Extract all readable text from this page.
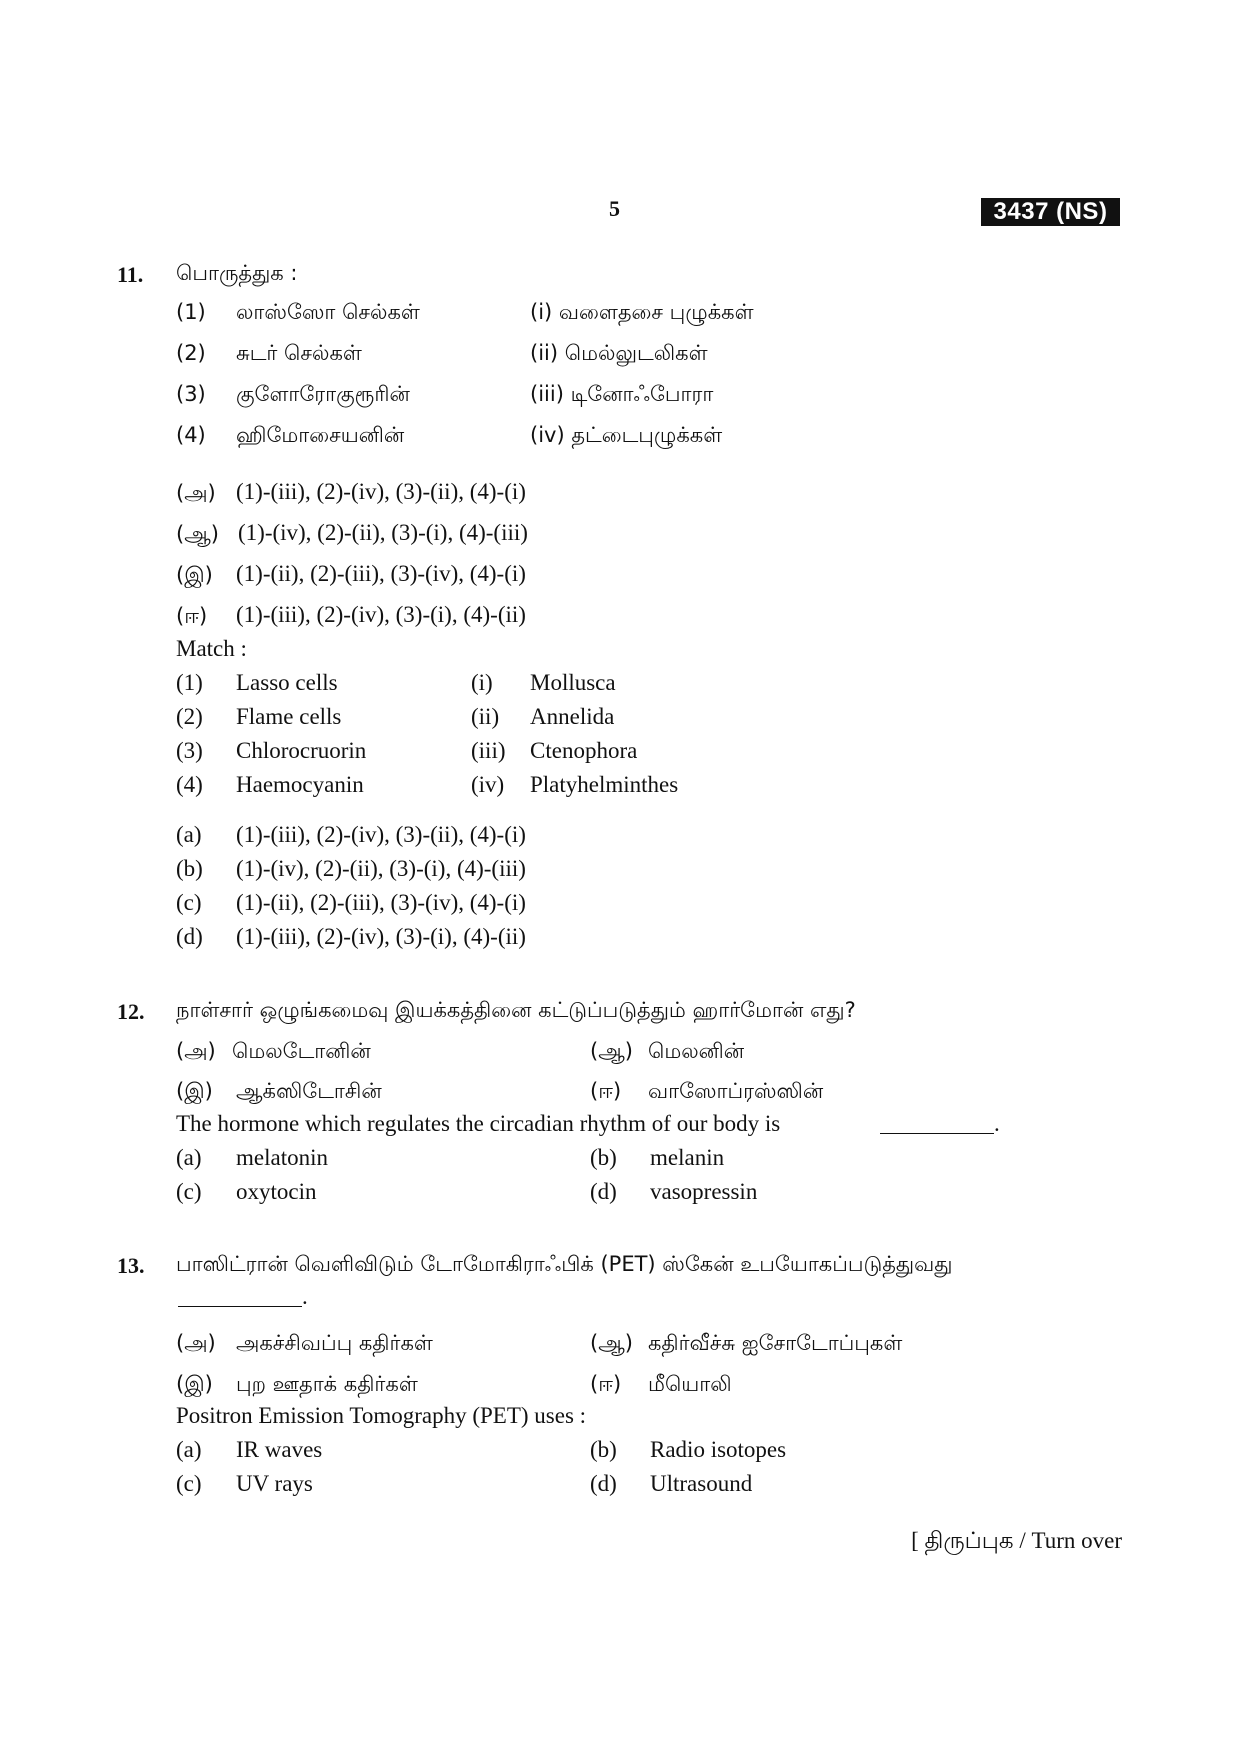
5	3437 (NS)
11. பொருத்துக :
(1) லாஸ்ஸோ செல்கள்	(i) வளைதசை புழுக்கள்
(2) சுடர் செல்கள்	(ii) மெல்லுடலிகள்
(3) குளோரோகுரூரின்	(iii) டினோஃபோரா
(4) ஹிமோசையனின்	(iv) தட்டைபுழுக்கள்
(அ) (1)-(iii), (2)-(iv), (3)-(ii), (4)-(i)
(ஆ) (1)-(iv), (2)-(ii), (3)-(i), (4)-(iii)
(இ) (1)-(ii), (2)-(iii), (3)-(iv), (4)-(i)
(ஈ) (1)-(iii), (2)-(iv), (3)-(i), (4)-(ii)
Match :
(1) Lasso cells	(i) Mollusca
(2) Flame cells	(ii) Annelida
(3) Chlorocruorin	(iii) Ctenophora
(4) Haemocyanin	(iv) Platyhelminthes
(a) (1)-(iii), (2)-(iv), (3)-(ii), (4)-(i)
(b) (1)-(iv), (2)-(ii), (3)-(i), (4)-(iii)
(c) (1)-(ii), (2)-(iii), (3)-(iv), (4)-(i)
(d) (1)-(iii), (2)-(iv), (3)-(i), (4)-(ii)
12. நாள்சார் ஒழுங்கமைவு இயக்கத்தினை கட்டுப்படுத்தும் ஹார்மோன் எது?
(அ) மெலடோனின்	(ஆ) மெலனின்
(இ) ஆக்ஸிடோசின்	(ஈ) வாஸோப்ரஸ்ஸின்
The hormone which regulates the circadian rhythm of our body is	.
(a) melatonin	(b) melanin
(c) oxytocin	(d) vasopressin
13. பாஸிட்ரான் வெளிவிடும் டோமோகிராஃபிக் (PET) ஸ்கேன் உபயோகப்படுத்துவது
.
(அ) அகச்சிவப்பு கதிர்கள்	(ஆ) கதிர்வீச்சு ஐசோடோப்புகள்
(இ) புற ஊதாக் கதிர்கள்	(ஈ) மீயொலி
Positron Emission Tomography (PET) uses :
(a) IR waves	(b) Radio isotopes
(c) UV rays	(d) Ultrasound
[ திருப்புக / Turn over
